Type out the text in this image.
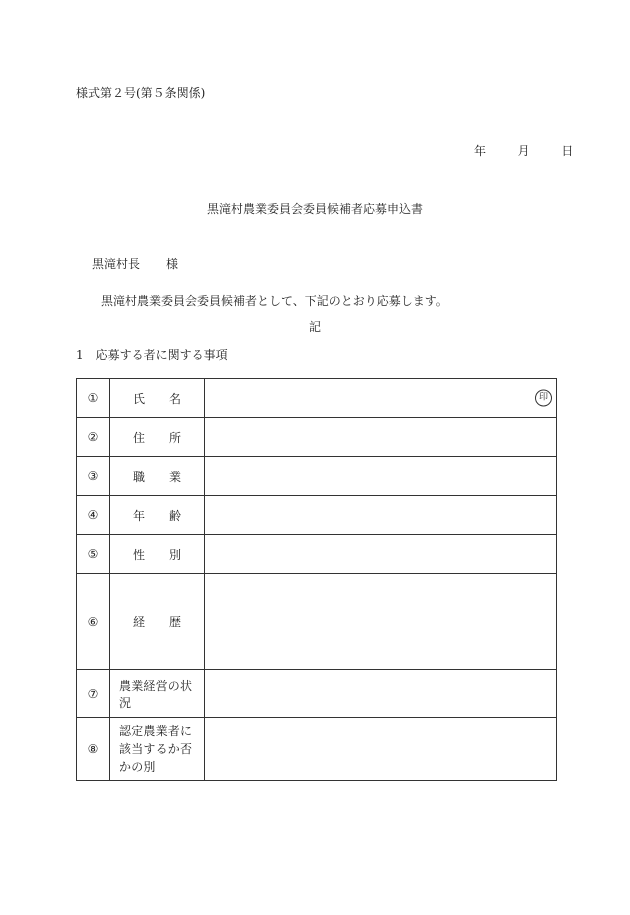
様式第２号(第５条関係)
年	月	日
黒滝村農業委員会委員候補者応募申込書
黒滝村長 様
黒滝村農業委員会委員候補者として、下記のとおり応募します。
記
1 応募する者に関する事項
①	氏名	印

②	住所	
③	職業	
④	年齢	
⑤	性別	
⑥	経歴	
⑦	農業経営の状況	
⑧	認定農業者に該当するか否かの別	
